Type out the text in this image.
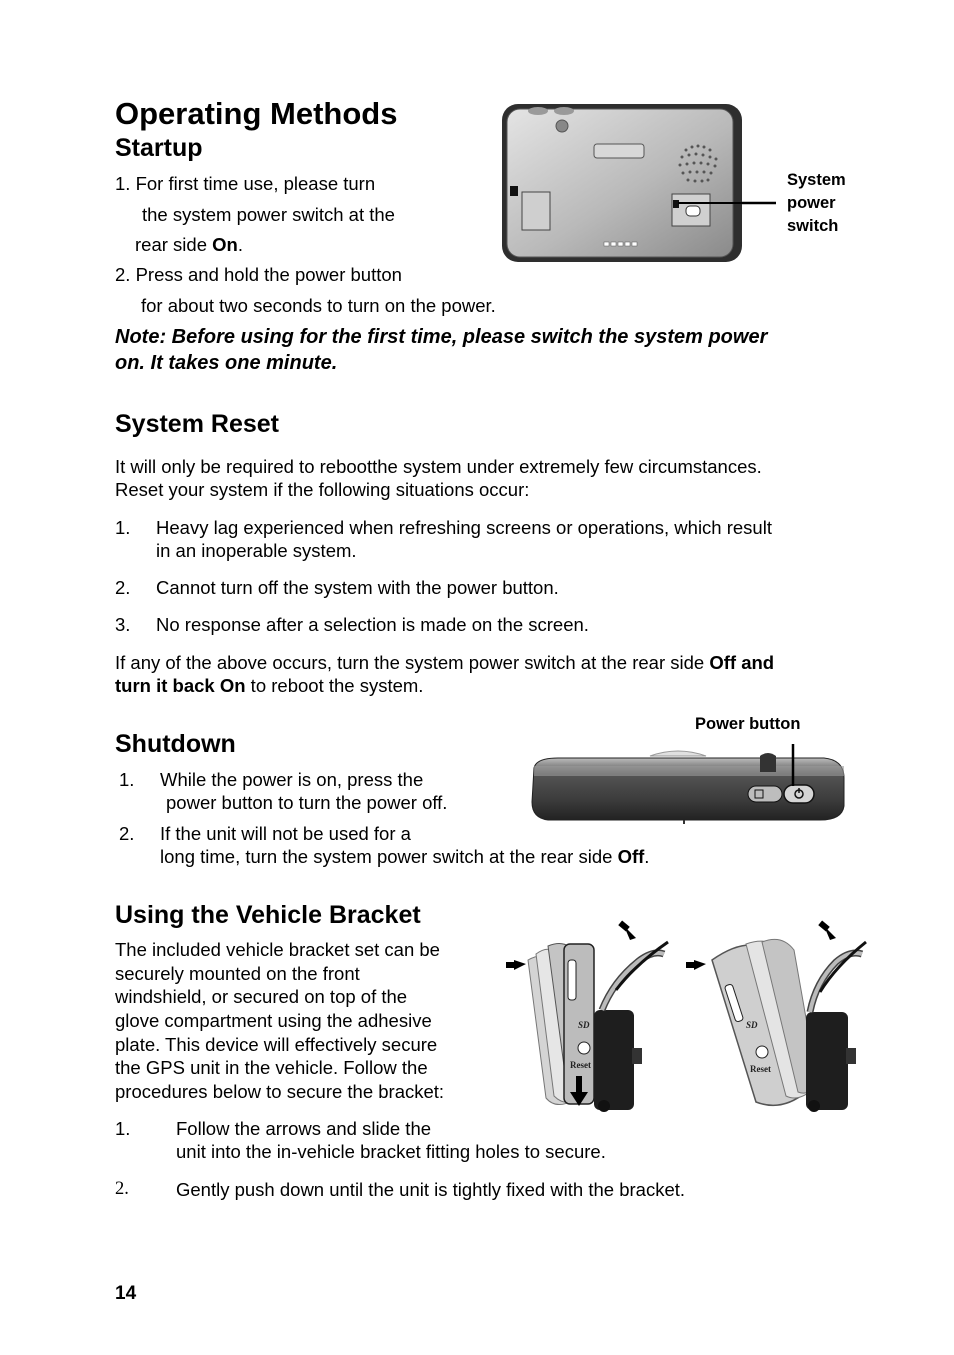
Operating Methods
Startup
1. For first time use, please turn
the system power switch at the
rear side On.
2. Press and hold the power button
for about two seconds to turn on the power.
Note: Before using for the first time, please switch the system power
on. It takes one minute.
System
power
switch
System Reset
It will only be required to rebootthe system under extremely few circumstances.
Reset your system if the following situations occur:
1. Heavy lag experienced when refreshing screens or operations, which result
in an inoperable system.
2. Cannot turn off the system with the power button.
3. No response after a selection is made on the screen.
If any of the above occurs, turn the system power switch at the rear side Off and
turn it back On to reboot the system.
Power button
Shutdown
1. While the power is on, press the
power button to turn the power off.
2. If the unit will not be used for a
long time, turn the system power switch at the rear side Off.
Using the Vehicle Bracket
The included vehicle bracket set can be
securely mounted on the front
windshield, or secured on top of the
glove compartment using the adhesive
plate. This device will effectively secure
the GPS unit in the vehicle. Follow the
procedures below to secure the bracket:
SD
Reset
SD
Reset
1. Follow the arrows and slide the
unit into the in-vehicle bracket fitting holes to secure.
2.	Gently push down until the unit is tightly fixed with the bracket.
14
